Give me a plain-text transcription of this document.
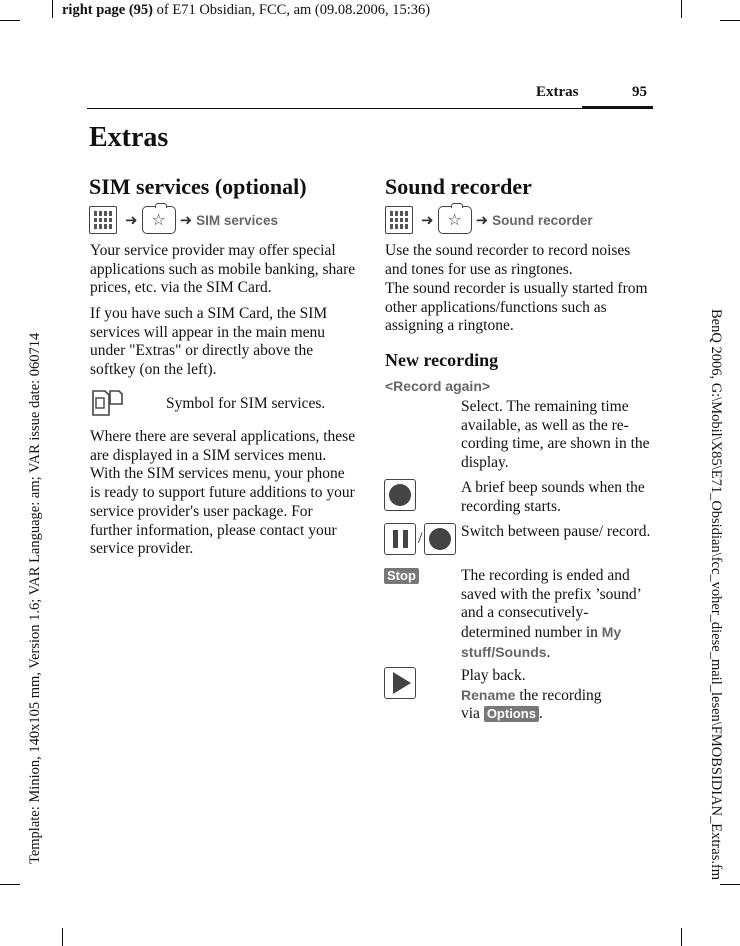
right page (95) of E71 Obsidian, FCC, am (09.08.2006, 15:36)
Template: Minion, 140x105 mm, Version 1.6; VAR Language: am; VAR issue date: 060714	BenQ 2006, G:\Mobil\X85\E71_Obsidian\fcc_voher_diese_mail_lesen\FMOBSIDIAN_Extras.fm
Extras	95
Extras
SIM services (optional)
➜ ☆ ➜ SIM services

Your service provider may offer special applications such as mobile banking, share prices, etc. via the SIM Card.

If you have such a SIM Card, the SIM services will appear in the main menu under "Extras" or directly above the softkey (on the left).

Symbol for SIM services.

Where there are several applications, these are displayed in a SIM services menu. With the SIM services menu, your phone is ready to support future additions to your service provider's user package. For further information, please contact your service provider.

Sound recorder
➜ ☆ ➜ Sound recorder

Use the sound recorder to record noises and tones for use as ringtones.

The sound recorder is usually started from other applications/functions such as assigning a ringtone.

New recording
<Record again>

Select. The remaining time available, as well as the re-cording time, are shown in the display.

A brief beep sounds when the recording starts.

/ Switch between pause/ record.

Stop	The recording is ended and saved with the prefix ’sound’ and a consecutively-determined number in My stuff/Sounds.

Play back.
Rename the recording
via Options .
